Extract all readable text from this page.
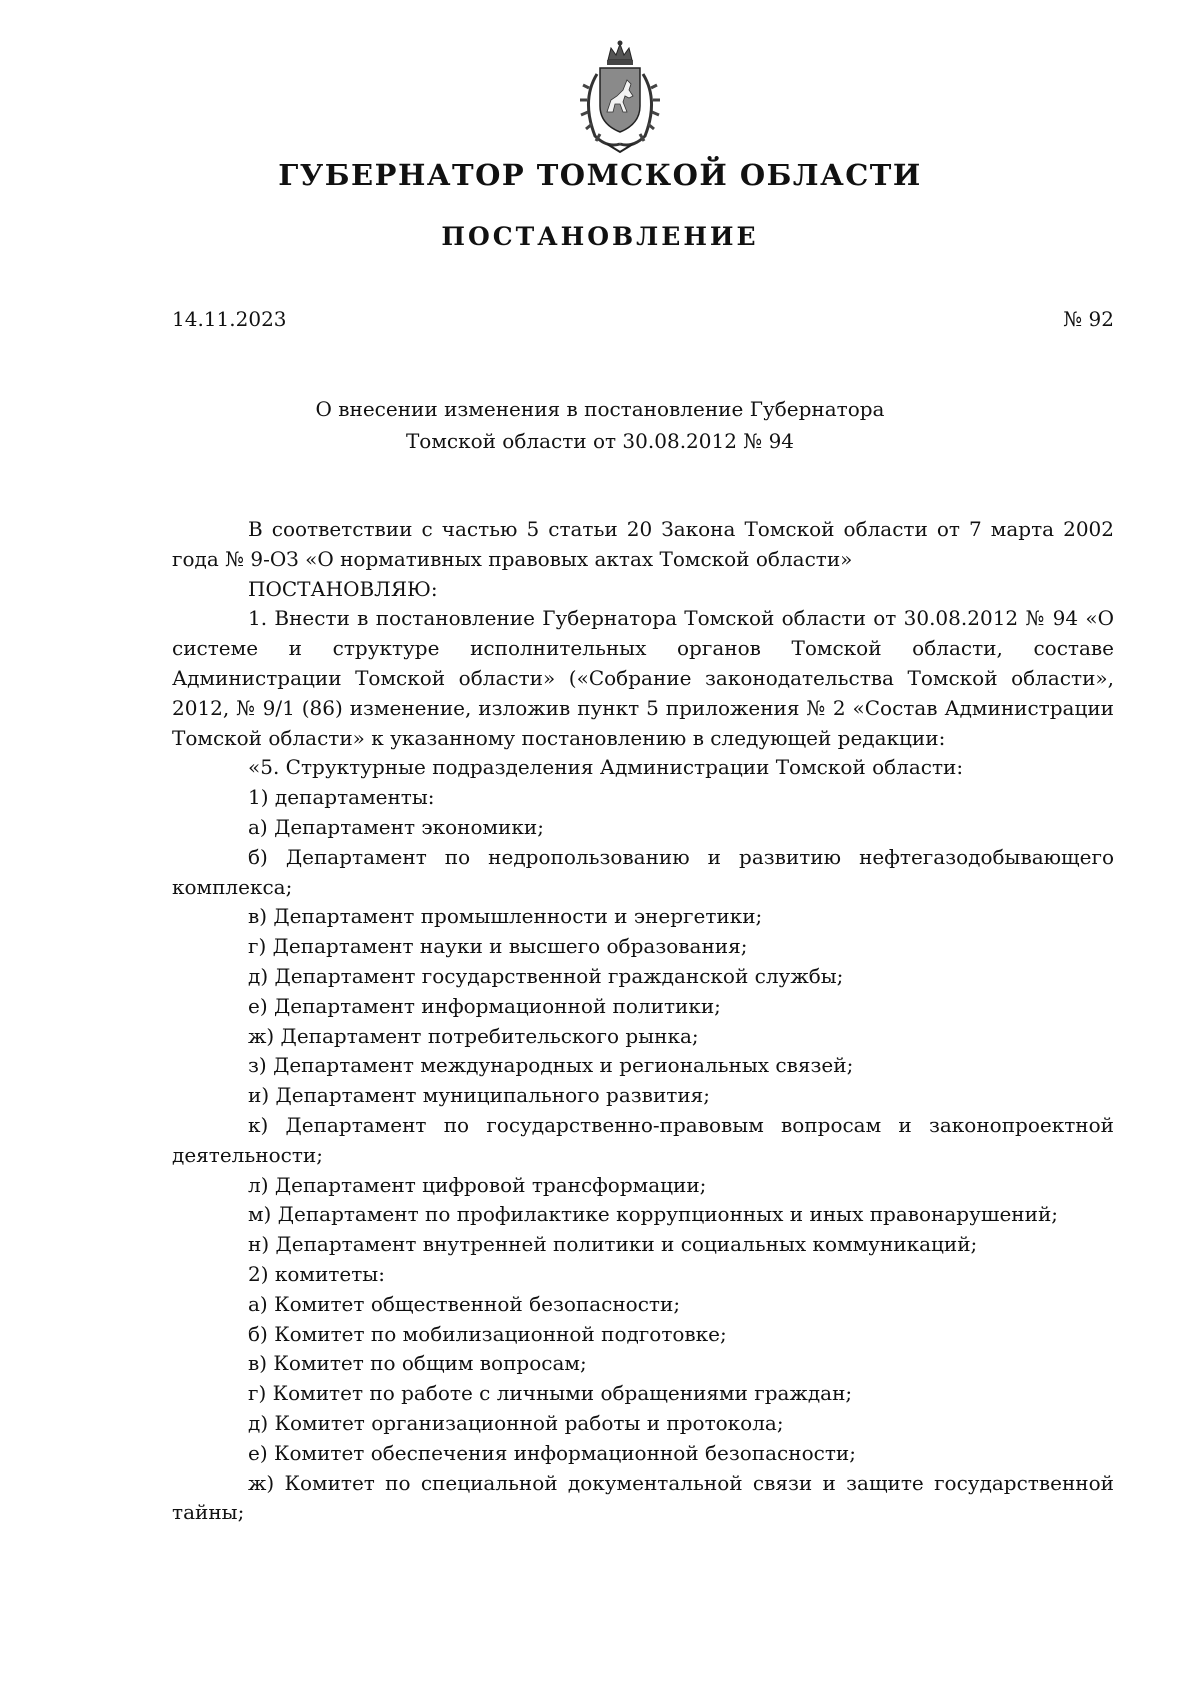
ГУБЕРНАТОР ТОМСКОЙ ОБЛАСТИ
ПОСТАНОВЛЕНИЕ
14.11.2023	№ 92
О внесении изменения в постановление Губернатора
Томской области от 30.08.2012 № 94

В соответствии с частью 5 статьи 20 Закона Томской области от 7 марта 2002 года № 9-ОЗ «О нормативных правовых актах Томской области»

ПОСТАНОВЛЯЮ:

1. Внести в постановление Губернатора Томской области от 30.08.2012 № 94 «О системе и структуре исполнительных органов Томской области, составе Администрации Томской области» («Собрание законодательства Томской области», 2012, № 9/1 (86) изменение, изложив пункт 5 приложения № 2 «Состав Администрации Томской области» к указанному постановлению в следующей редакции:

«5. Структурные подразделения Администрации Томской области:

1) департаменты:

а) Департамент экономики;

б) Департамент по недропользованию и развитию нефтегазодобывающего комплекса;

в) Департамент промышленности и энергетики;

г) Департамент науки и высшего образования;

д) Департамент государственной гражданской службы;

е) Департамент информационной политики;

ж) Департамент потребительского рынка;

з) Департамент международных и региональных связей;

и) Департамент муниципального развития;

к) Департамент по государственно-правовым вопросам и законопроектной деятельности;

л) Департамент цифровой трансформации;

м) Департамент по профилактике коррупционных и иных правонарушений;

н) Департамент внутренней политики и социальных коммуникаций;

2) комитеты:

а) Комитет общественной безопасности;

б) Комитет по мобилизационной подготовке;

в) Комитет по общим вопросам;

г) Комитет по работе с личными обращениями граждан;

д) Комитет организационной работы и протокола;

е) Комитет обеспечения информационной безопасности;

ж) Комитет по специальной документальной связи и защите государственной тайны;
